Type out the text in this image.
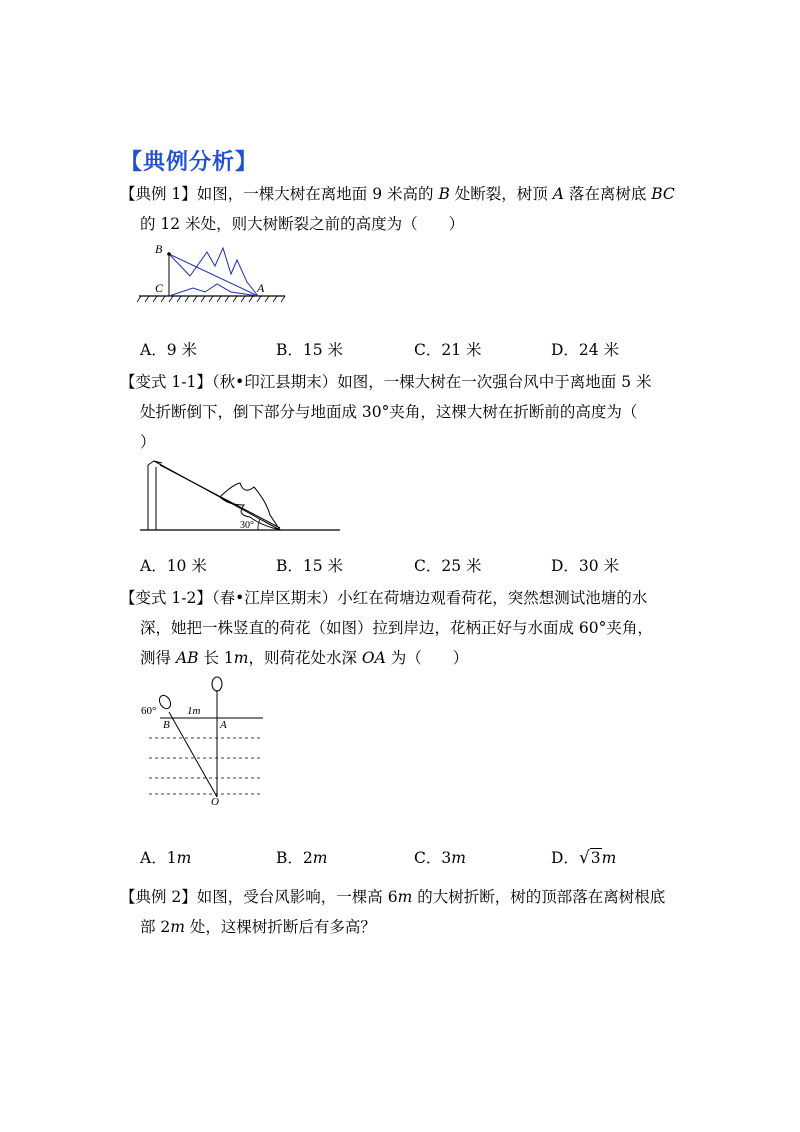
【典例分析】
【典例 1】如图，一棵大树在离地面 9 米高的 B 处断裂，树顶 A 落在离树底 BC
的 12 米处，则大树断裂之前的高度为（　　）
B
C	A
A．9 米	B．15 米	C．21 米	D．24 米
【变式 1-1】（秋•印江县期末）如图，一棵大树在一次强台风中于离地面 5 米
处折断倒下，倒下部分与地面成 30°夹角，这棵大树在折断前的高度为（
）
30°
A．10 米	B．15 米	C．25 米	D．30 米
【变式 1-2】（春•江岸区期末）小红在荷塘边观看荷花，突然想测试池塘的水
深，她把一株竖直的荷花（如图）拉到岸边，花柄正好与水面成 60°夹角，
测得 AB 长 1m，则荷花处水深 OA 为（　　）
60°	1m
B	A
O
A．1m	B．2m	C．3m	D．√3m
【典例 2】如图，受台风影响，一棵高 6m 的大树折断，树的顶部落在离树根底
部 2m 处，这棵树折断后有多高？
